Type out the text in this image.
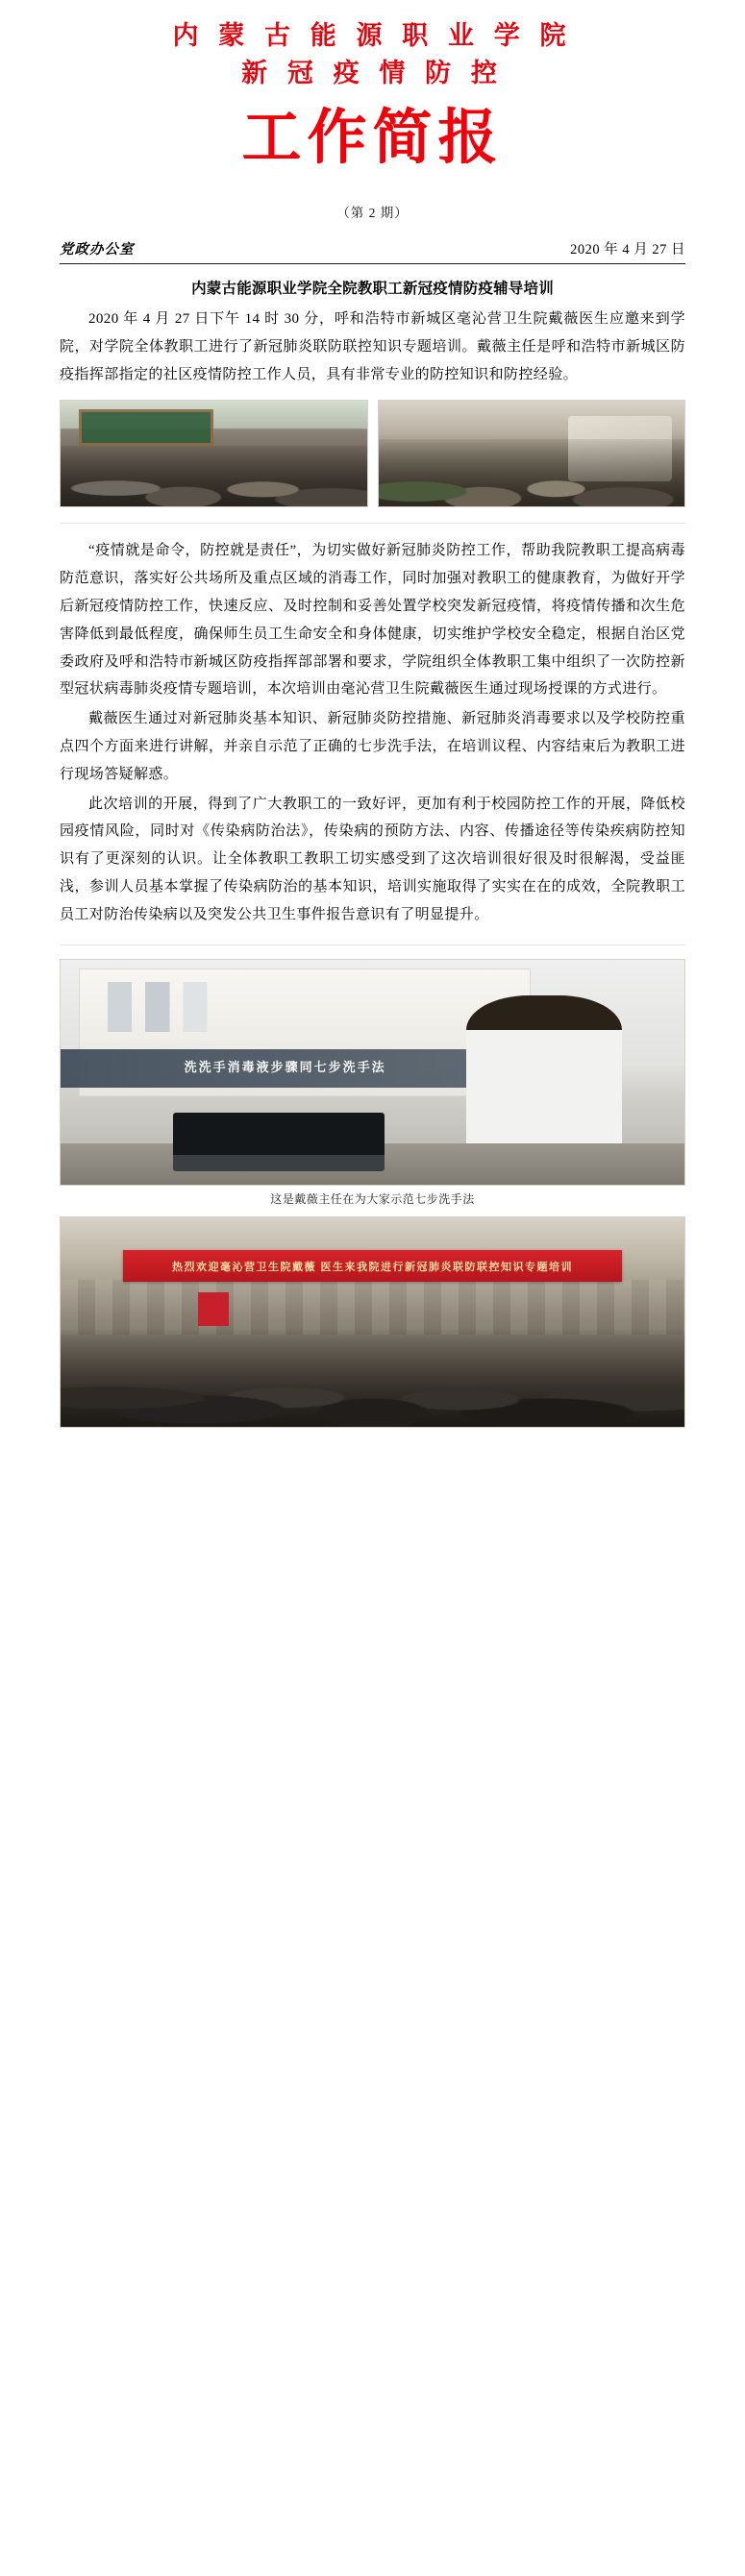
内 蒙 古 能 源 职 业 学 院
新 冠 疫 情 防 控
工作简报
（第 2 期）
党政办公室	2020 年 4 月 27 日
内蒙古能源职业学院全院教职工新冠疫情防疫辅导培训

2020 年 4 月 27 日下午 14 时 30 分，呼和浩特市新城区毫沁营卫生院戴薇医生应邀来到学院，对学院全体教职工进行了新冠肺炎联防联控知识专题培训。戴薇主任是呼和浩特市新城区防疫指挥部指定的社区疫情防控工作人员，具有非常专业的防控知识和防控经验。

“疫情就是命令，防控就是责任”，为切实做好新冠肺炎防控工作，帮助我院教职工提高病毒防范意识，落实好公共场所及重点区域的消毒工作，同时加强对教职工的健康教育，为做好开学后新冠疫情防控工作，快速反应、及时控制和妥善处置学校突发新冠疫情，将疫情传播和次生危害降低到最低程度，确保师生员工生命安全和身体健康，切实维护学校安全稳定，根据自治区党委政府及呼和浩特市新城区防疫指挥部部署和要求，学院组织全体教职工集中组织了一次防控新型冠状病毒肺炎疫情专题培训，本次培训由毫沁营卫生院戴薇医生通过现场授课的方式进行。

戴薇医生通过对新冠肺炎基本知识、新冠肺炎防控措施、新冠肺炎消毒要求以及学校防控重点四个方面来进行讲解，并亲自示范了正确的七步洗手法，在培训议程、内容结束后为教职工进行现场答疑解惑。

此次培训的开展，得到了广大教职工的一致好评，更加有利于校园防控工作的开展，降低校园疫情风险，同时对《传染病防治法》，传染病的预防方法、内容、传播途径等传染疾病防控知识有了更深刻的认识。让全体教职工教职工切实感受到了这次培训很好很及时很解渴，受益匪浅，参训人员基本掌握了传染病防治的基本知识，培训实施取得了实实在在的成效，全院教职工员工对防治传染病以及突发公共卫生事件报告意识有了明显提升。

洗洗手消毒液步骤同七步洗手法
这是戴薇主任在为大家示范七步洗手法
热烈欢迎毫沁营卫生院戴薇 医生来我院进行新冠肺炎联防联控知识专题培训
